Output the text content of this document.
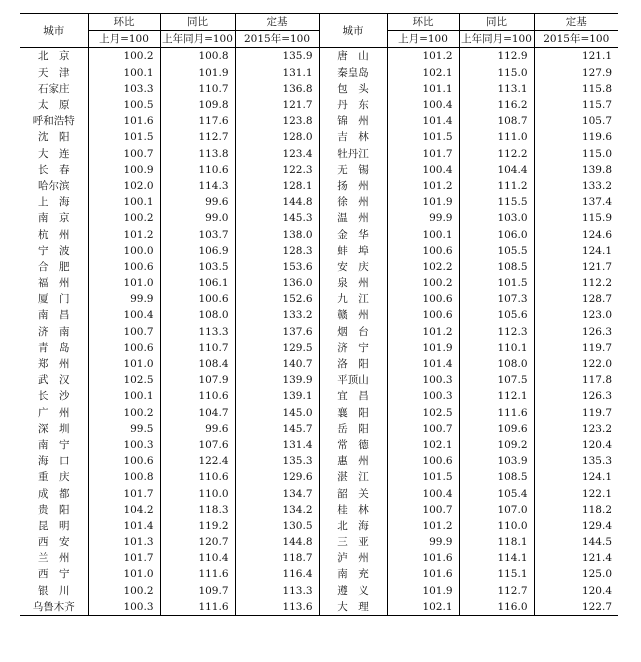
城市	环比	同比	定基	城市	环比	同比	定基
	上月=100	上年同月=100	2015年=100		上月=100	上年同月=100	2015年=100
北　京	100.2	100.8	135.9	唐　山	101.2	112.9	121.1
天　津	100.1	101.9	131.1	秦皇岛	102.1	115.0	127.9
石家庄	103.3	110.7	136.8	包　头	101.1	113.1	115.8
太　原	100.5	109.8	121.7	丹　东	100.4	116.2	115.7
呼和浩特	101.6	117.6	123.8	锦　州	101.4	108.7	105.7
沈　阳	101.5	112.7	128.0	吉　林	101.5	111.0	119.6
大　连	100.7	113.8	123.4	牡丹江	101.7	112.2	115.0
长　春	100.9	110.6	122.3	无　锡	100.4	104.4	139.8
哈尔滨	102.0	114.3	128.1	扬　州	101.2	111.2	133.2
上　海	100.1	99.6	144.8	徐　州	101.9	115.5	137.4
南　京	100.2	99.0	145.3	温　州	99.9	103.0	115.9
杭　州	101.2	103.7	138.0	金　华	100.1	106.0	124.6
宁　波	100.0	106.9	128.3	蚌　埠	100.6	105.5	124.1
合　肥	100.6	103.5	153.6	安　庆	102.2	108.5	121.7
福　州	101.0	106.1	136.0	泉　州	100.2	101.5	112.2
厦　门	99.9	100.6	152.6	九　江	100.6	107.3	128.7
南　昌	100.4	108.0	133.2	赣　州	100.6	105.6	123.0
济　南	100.7	113.3	137.6	烟　台	101.2	112.3	126.3
青　岛	100.6	110.7	129.5	济　宁	101.9	110.1	119.7
郑　州	101.0	108.4	140.7	洛　阳	101.4	108.0	122.0
武　汉	102.5	107.9	139.9	平顶山	100.3	107.5	117.8
长　沙	100.1	110.6	139.1	宜　昌	100.3	112.1	126.3
广　州	100.2	104.7	145.0	襄　阳	102.5	111.6	119.7
深　圳	99.5	99.6	145.7	岳　阳	100.7	109.6	123.2
南　宁	100.3	107.6	131.4	常　德	102.1	109.2	120.4
海　口	100.6	122.4	135.3	惠　州	100.6	103.9	135.3
重　庆	100.8	110.6	129.6	湛　江	101.5	108.5	124.1
成　都	101.7	110.0	134.7	韶　关	100.4	105.4	122.1
贵　阳	104.2	118.3	134.2	桂　林	100.7	107.0	118.2
昆　明	101.4	119.2	130.5	北　海	101.2	110.0	129.4
西　安	101.3	120.7	144.8	三　亚	99.9	118.1	144.5
兰　州	101.7	110.4	118.7	泸　州	101.6	114.1	121.4
西　宁	101.0	111.6	116.4	南　充	101.6	115.1	125.0
银　川	100.2	109.7	113.3	遵　义	101.9	112.7	120.4
乌鲁木齐	100.3	111.6	113.6	大　理	102.1	116.0	122.7
